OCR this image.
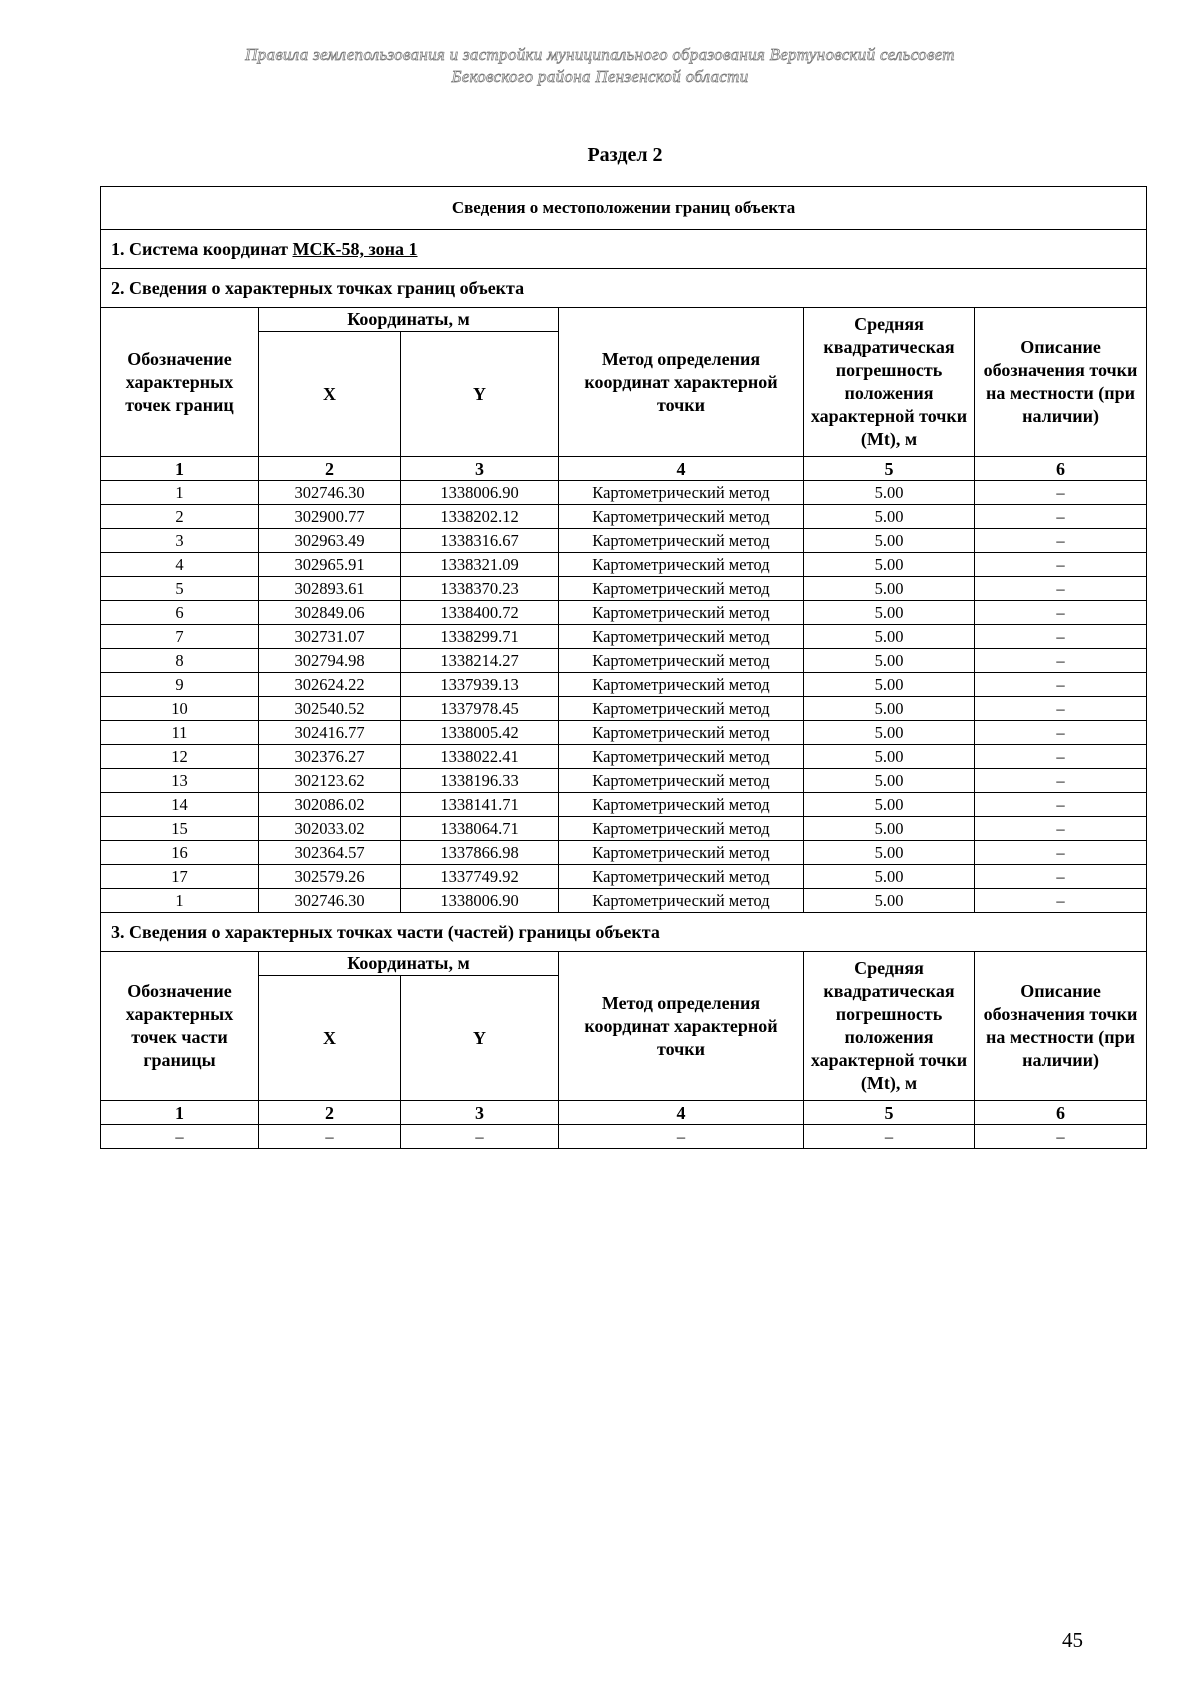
Правила землепользования и застройки муниципального образования Вертуновский сельсовет
Бековского района Пензенской области
Раздел 2
Сведения о местоположении границ объекта					
1. Система координат МСК-58, зона 1					
2. Сведения о характерных точках границ объекта					
Обозначение характерных точек границ	Координаты, м		Метод определения координат характерной точки	Средняя квадратическая погрешность положения характерной точки (Mt), м	Описание обозначения точки на местности (при наличии)
	X	Y			
1	2	3	4	5	6
1	302746.30	1338006.90	Картометрический метод	5.00	–
2	302900.77	1338202.12	Картометрический метод	5.00	–
3	302963.49	1338316.67	Картометрический метод	5.00	–
4	302965.91	1338321.09	Картометрический метод	5.00	–
5	302893.61	1338370.23	Картометрический метод	5.00	–
6	302849.06	1338400.72	Картометрический метод	5.00	–
7	302731.07	1338299.71	Картометрический метод	5.00	–
8	302794.98	1338214.27	Картометрический метод	5.00	–
9	302624.22	1337939.13	Картометрический метод	5.00	–
10	302540.52	1337978.45	Картометрический метод	5.00	–
11	302416.77	1338005.42	Картометрический метод	5.00	–
12	302376.27	1338022.41	Картометрический метод	5.00	–
13	302123.62	1338196.33	Картометрический метод	5.00	–
14	302086.02	1338141.71	Картометрический метод	5.00	–
15	302033.02	1338064.71	Картометрический метод	5.00	–
16	302364.57	1337866.98	Картометрический метод	5.00	–
17	302579.26	1337749.92	Картометрический метод	5.00	–
1	302746.30	1338006.90	Картометрический метод	5.00	–
3. Сведения о характерных точках части (частей) границы объекта					
Обозначение характерных точек части границы	Координаты, м		Метод определения координат характерной точки	Средняя квадратическая погрешность положения характерной точки (Mt), м	Описание обозначения точки на местности (при наличии)
	X	Y			
1	2	3	4	5	6
–	–	–	–	–	–
45
